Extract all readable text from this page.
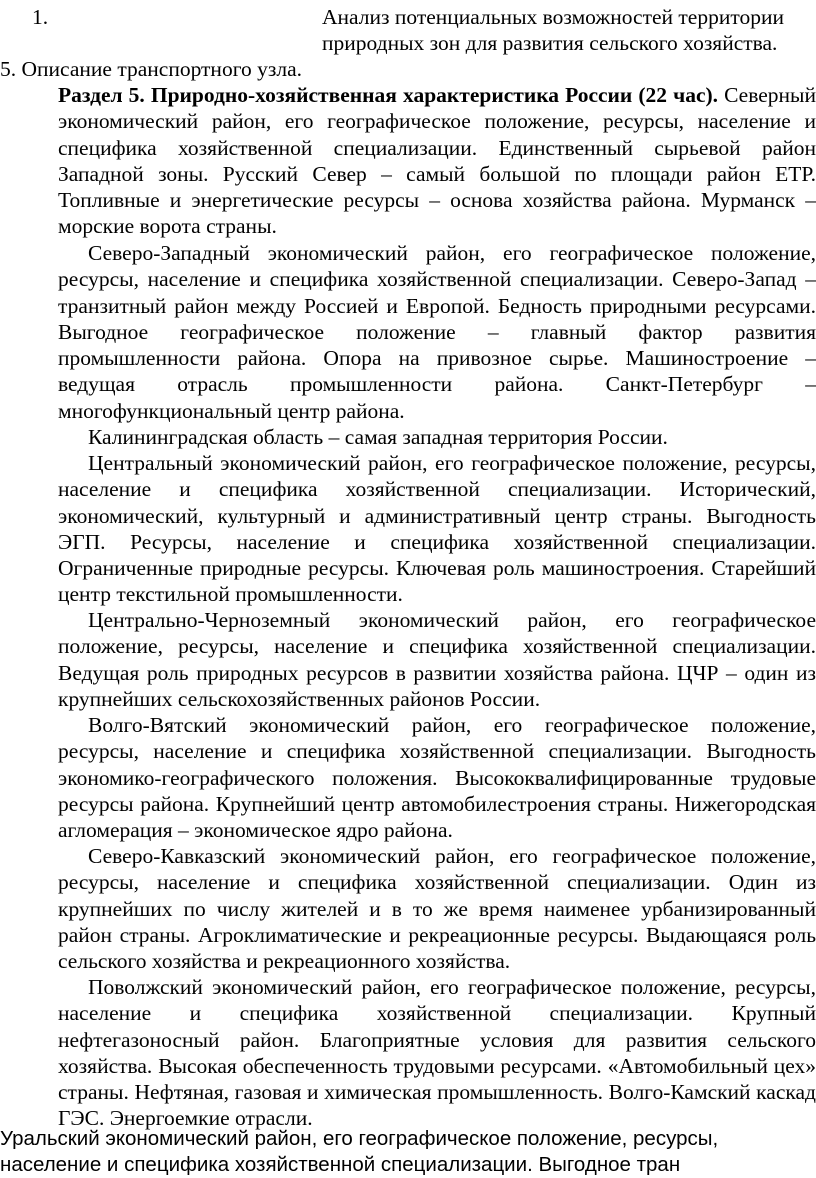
1.	Анализ потенциальных возможностей территории природных зон для развития сельского хозяйства.

5. Описание транспортного узла.

Раздел 5. Природно-хозяйственная характеристика России (22 час). Северный экономический район, его географическое положение, ресурсы, население и специфика хозяйственной специализации. Единственный сырьевой район Западной зоны. Русский Север – самый большой по площади район ЕТР. Топливные и энергетические ресурсы – основа хозяйства района. Мурманск – морские ворота страны.

Северо-Западный экономический район, его географическое положение, ресурсы, население и специфика хозяйственной специализации. Северо-Запад – транзитный район между Россией и Европой. Бедность природными ресурсами. Выгодное географическое положение – главный фактор развития промышленности района. Опора на привозное сырье. Машиностроение – ведущая отрасль промышленности района. Санкт-Петербург – многофункциональный центр района.

Калининградская область – самая западная территория России.

Центральный экономический район, его географическое положение, ресурсы, население и специфика хозяйственной специализации. Исторический, экономический, культурный и административный центр страны. Выгодность ЭГП. Ресурсы, население и специфика хозяйственной специализации. Ограниченные природные ресурсы. Ключевая роль машиностроения. Старейший центр текстильной промышленности.

Центрально-Черноземный экономический район, его географическое положение, ресурсы, население и специфика хозяйственной специализации. Ведущая роль природных ресурсов в развитии хозяйства района. ЦЧР – один из крупнейших сельскохозяйственных районов России.

Волго-Вятский экономический район, его географическое положение, ресурсы, население и специфика хозяйственной специализации. Выгодность экономико-географического положения. Высококвалифицированные трудовые ресурсы района. Крупнейший центр автомобилестроения страны. Нижегородская агломерация – экономическое ядро района.

Северо-Кавказский экономический район, его географическое положение, ресурсы, население и специфика хозяйственной специализации. Один из крупнейших по числу жителей и в то же время наименее урбанизированный район страны. Агроклиматические и рекреационные ресурсы. Выдающаяся роль сельского хозяйства и рекреационного хозяйства.

Поволжский экономический район, его географическое положение, ресурсы, население и специфика хозяйственной специализации. Крупный нефтегазоносный район. Благоприятные условия для развития сельского хозяйства. Высокая обеспеченность трудовыми ресурсами. «Автомобильный цех» страны. Нефтяная, газовая и химическая промышленность. Волго-Камский каскад ГЭС. Энергоемкие отрасли.

Уральский экономический район, его географическое положение, ресурсы,

население и специфика хозяйственной специализации. Выгодное тран
